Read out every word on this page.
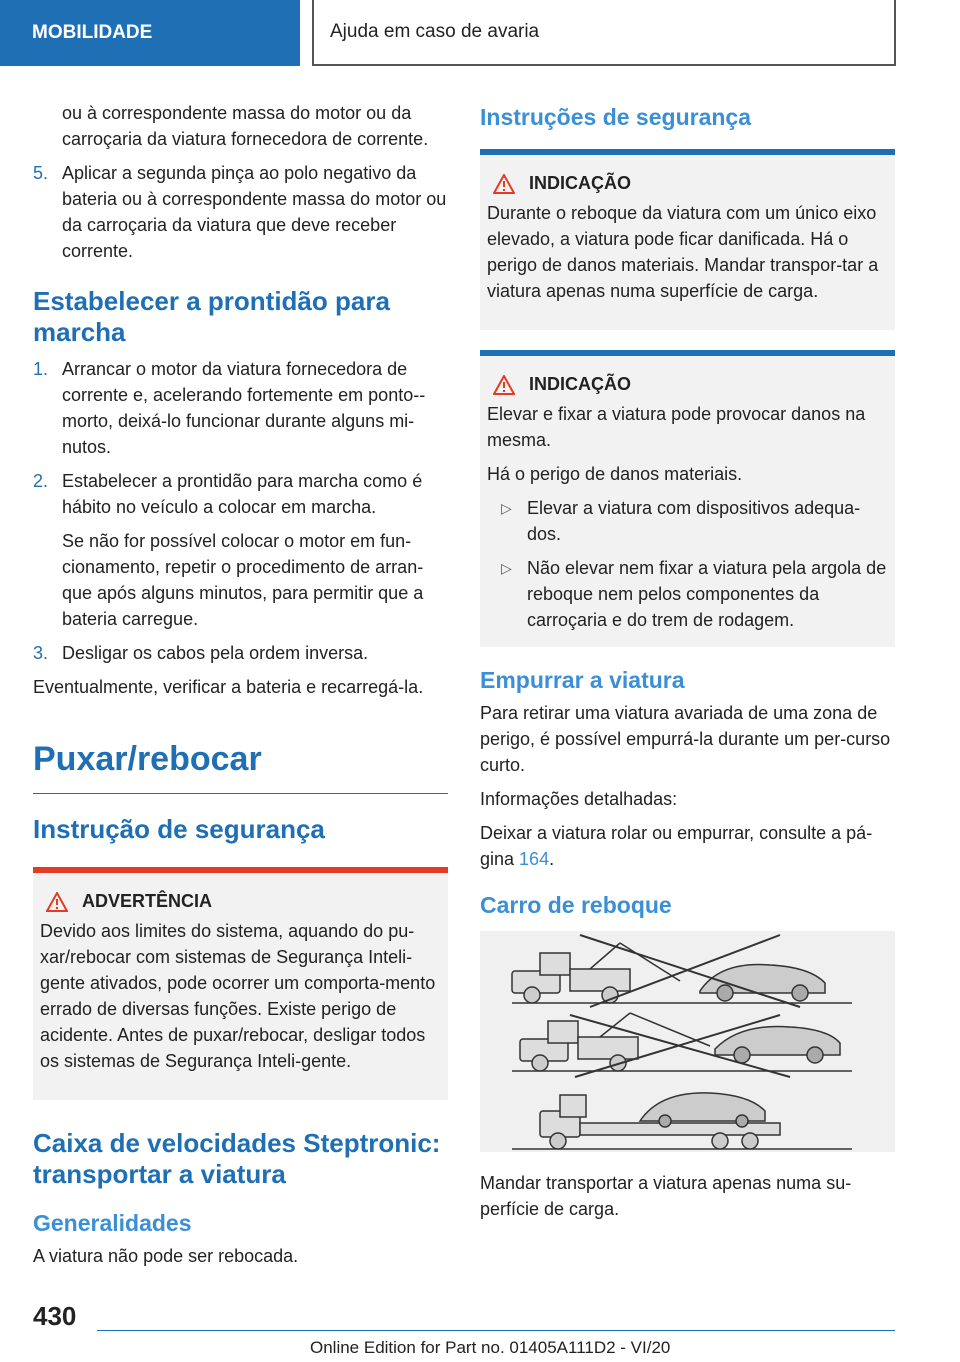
MOBILIDADE	Ajuda em caso de avaria

ou à correspondente massa do motor ou da carroçaria da viatura fornecedora de corrente.

5. Aplicar a segunda pinça ao polo negativo da bateria ou à correspondente massa do motor ou da carroçaria da viatura que deve receber corrente.
Estabelecer a prontidão para marcha
1. Arrancar o motor da viatura fornecedora de corrente e, acelerando fortemente em ponto--morto, deixá-lo funcionar durante alguns mi-nutos.
2. Estabelecer a prontidão para marcha como é hábito no veículo a colocar em marcha.

Se não for possível colocar o motor em fun-cionamento, repetir o procedimento de arran-que após alguns minutos, para permitir que a bateria carregue.

3. Desligar os cabos pela ordem inversa.

Eventualmente, verificar a bateria e recarregá-la.

Puxar/rebocar
Instrução de segurança
ADVERTÊNCIA

Devido aos limites do sistema, aquando do pu-xar/rebocar com sistemas de Segurança Inteli-gente ativados, pode ocorrer um comporta-mento errado de diversas funções. Existe perigo de acidente. Antes de puxar/rebocar, desligar todos os sistemas de Segurança Inteli-gente.

Caixa de velocidades Steptronic: transportar a viatura
Generalidades

A viatura não pode ser rebocada.

Instruções de segurança
INDICAÇÃO

Durante o reboque da viatura com um único eixo elevado, a viatura pode ficar danificada. Há o perigo de danos materiais. Mandar transpor-tar a viatura apenas numa superfície de carga.

INDICAÇÃO

Elevar e fixar a viatura pode provocar danos na mesma.

Há o perigo de danos materiais.

▷ Elevar a viatura com dispositivos adequa-dos.
▷ Não elevar nem fixar a viatura pela argola de reboque nem pelos componentes da carroçaria e do trem de rodagem.
Empurrar a viatura

Para retirar uma viatura avariada de uma zona de perigo, é possível empurrá-la durante um per-curso curto.

Informações detalhadas:

Deixar a viatura rolar ou empurrar, consulte a pá-gina 164.

Carro de reboque

Mandar transportar a viatura apenas numa su-perfície de carga.

430
Online Edition for Part no. 01405A111D2 - VI/20
